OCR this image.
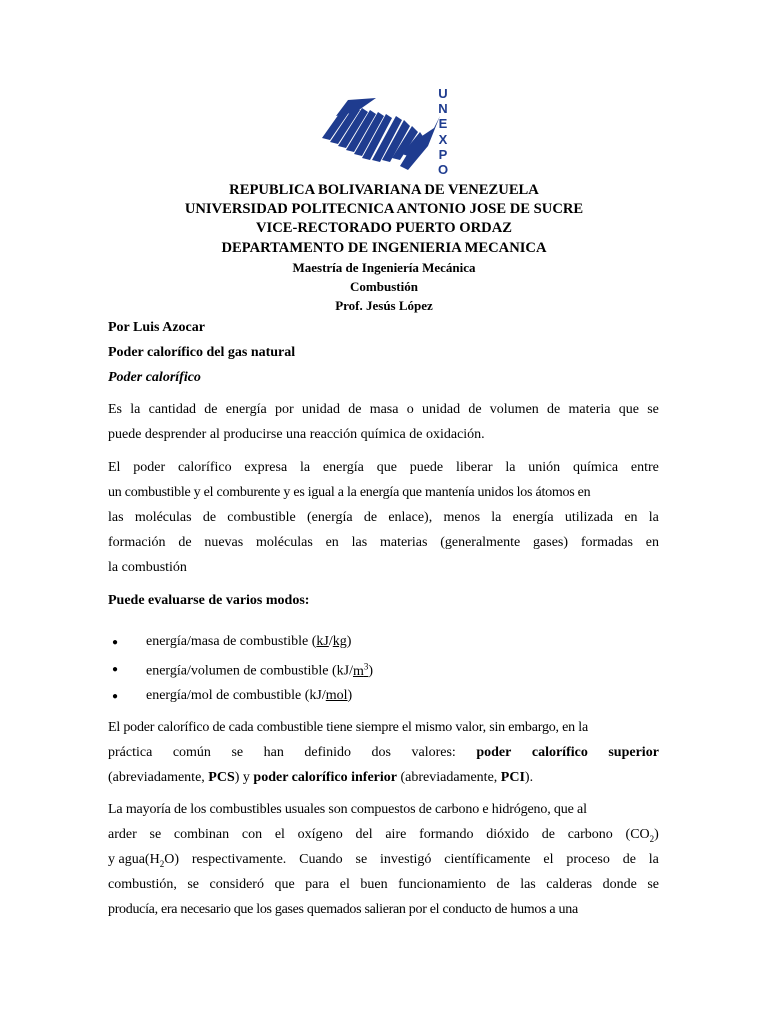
U
N
E
X
P
O
REPUBLICA BOLIVARIANA DE VENEZUELA
UNIVERSIDAD POLITECNICA ANTONIO JOSE DE SUCRE
VICE-RECTORADO PUERTO ORDAZ
DEPARTAMENTO DE INGENIERIA MECANICA
Maestría de Ingeniería Mecánica
Combustión
Prof. Jesús López
Por Luis Azocar
Poder calorífico del gas natural
Poder calorífico
Es la cantidad de energía por unidad de masa o unidad de volumen de materia que se
puede desprender al producirse una reacción química de oxidación.
El poder calorífico expresa la energía que puede liberar la unión química entre
un combustible y el comburente y es igual a la energía que mantenía unidos los átomos en
las moléculas de combustible (energía de enlace), menos la energía utilizada en la
formación de nuevas moléculas en las materias (generalmente gases) formadas en
la combustión
Puede evaluarse de varios modos:
● energía/masa de combustible (kJ/kg)
● energía/volumen de combustible $(kJ/m^3)$
● energía/mol de combustible (kJ/mol)
El poder calorífico de cada combustible tiene siempre el mismo valor, sin embargo, en la
práctica común se han definido dos valores: poder calorífico superior
(abreviadamente, PCS) y poder calorífico inferior (abreviadamente, PCI).
La mayoría de los combustibles usuales son compuestos de carbono e hidrógeno, que al
arder se combinan con el oxígeno del aire formando dióxido de carbono $(CO_2)$
y $agua(H_2O)$ respectivamente. Cuando se investigó científicamente el proceso de la
combustión, se consideró que para el buen funcionamiento de las calderas donde se
producía, era necesario que los gases quemados salieran por el conducto de humos a una
